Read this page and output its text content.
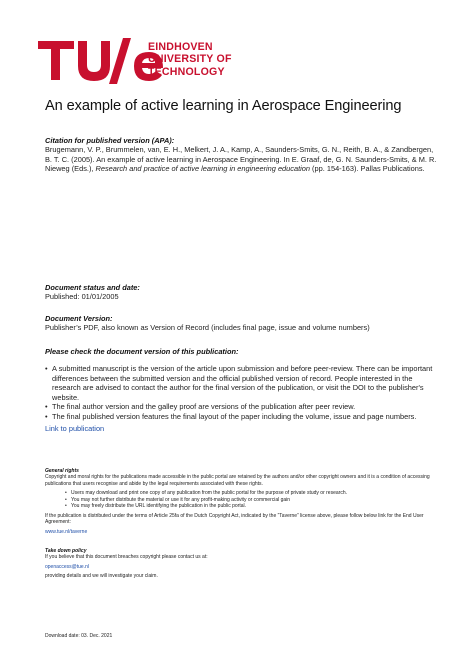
EINDHOVEN
UNIVERSITY OF
TECHNOLOGY
An example of active learning in Aerospace Engineering
Citation for published version (APA):
Brugemann, V. P., Brummelen, van, E. H., Melkert, J. A., Kamp, A., Saunders-Smits, G. N., Reith, B. A., & Zandbergen, B. T. C. (2005). An example of active learning in Aerospace Engineering. In E. Graaf, de, G. N. Saunders-Smits, & M. R. Nieweg (Eds.), Research and practice of active learning in engineering education (pp. 154-163). Pallas Publications.
Document status and date:
Published: 01/01/2005
Document Version:
Publisher’s PDF, also known as Version of Record (includes final page, issue and volume numbers)
Please check the document version of this publication:
• A submitted manuscript is the version of the article upon submission and before peer-review. There can be important differences between the submitted version and the official published version of record. People interested in the research are advised to contact the author for the final version of the publication, or visit the DOI to the publisher's website.
• The final author version and the galley proof are versions of the publication after peer review.
• The final published version features the final layout of the paper including the volume, issue and page numbers.
Link to publication
General rights
Copyright and moral rights for the publications made accessible in the public portal are retained by the authors and/or other copyright owners and it is a condition of accessing publications that users recognise and abide by the legal requirements associated with these rights.
• Users may download and print one copy of any publication from the public portal for the purpose of private study or research.
• You may not further distribute the material or use it for any profit-making activity or commercial gain
• You may freely distribute the URL identifying the publication in the public portal.
If the publication is distributed under the terms of Article 25fa of the Dutch Copyright Act, indicated by the “Taverne” license above, please follow below link for the End User Agreement:
www.tue.nl/taverne
Take down policy
If you believe that this document breaches copyright please contact us at:
openaccess@tue.nl
providing details and we will investigate your claim.
Download date: 03. Dec. 2021
